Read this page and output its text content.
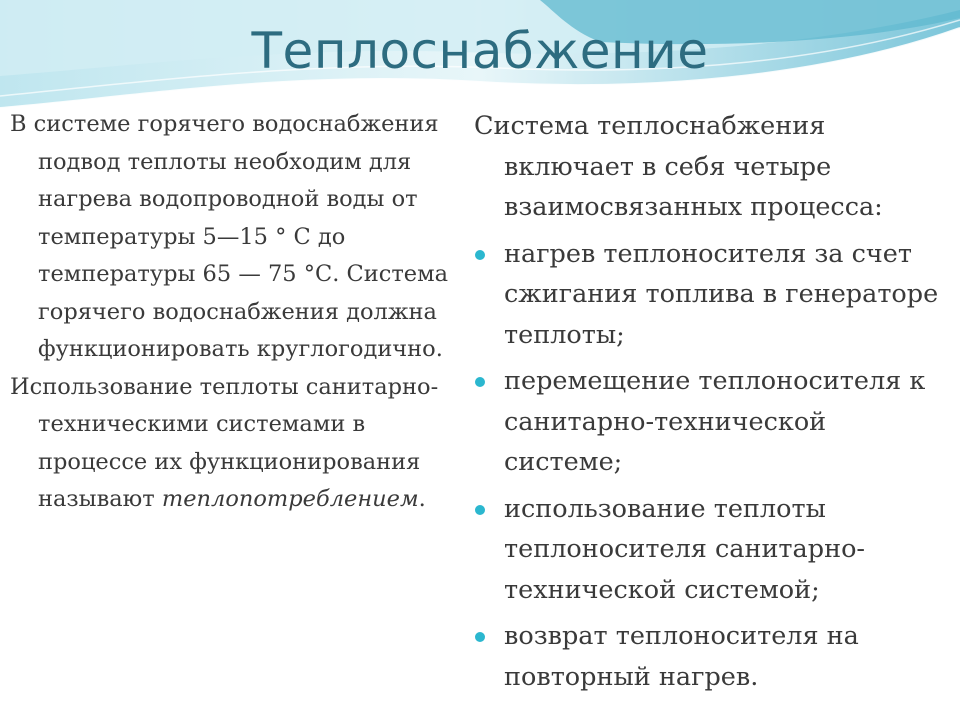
Теплоснабжение

В системе горячего водоснабжения подвод теплоты необходим для нагрева водопроводной воды от температуры 5—15 ° С до температуры 65 — 75 °С. Система горячего водоснабжения должна функционировать круглогодично.

Использование теплоты санитарно-техническими системами в процессе их функционирования называют теплопотреблением.

Система теплоснабжения включает в себя четыре взаимосвязанных процесса:

нагрев теплоносителя за счет сжигания топлива в генераторе теплоты;
перемещение теплоносителя к санитарно-технической системе;
использование теплоты теплоносителя санитарно-технической системой;
возврат теплоносителя на повторный нагрев.
